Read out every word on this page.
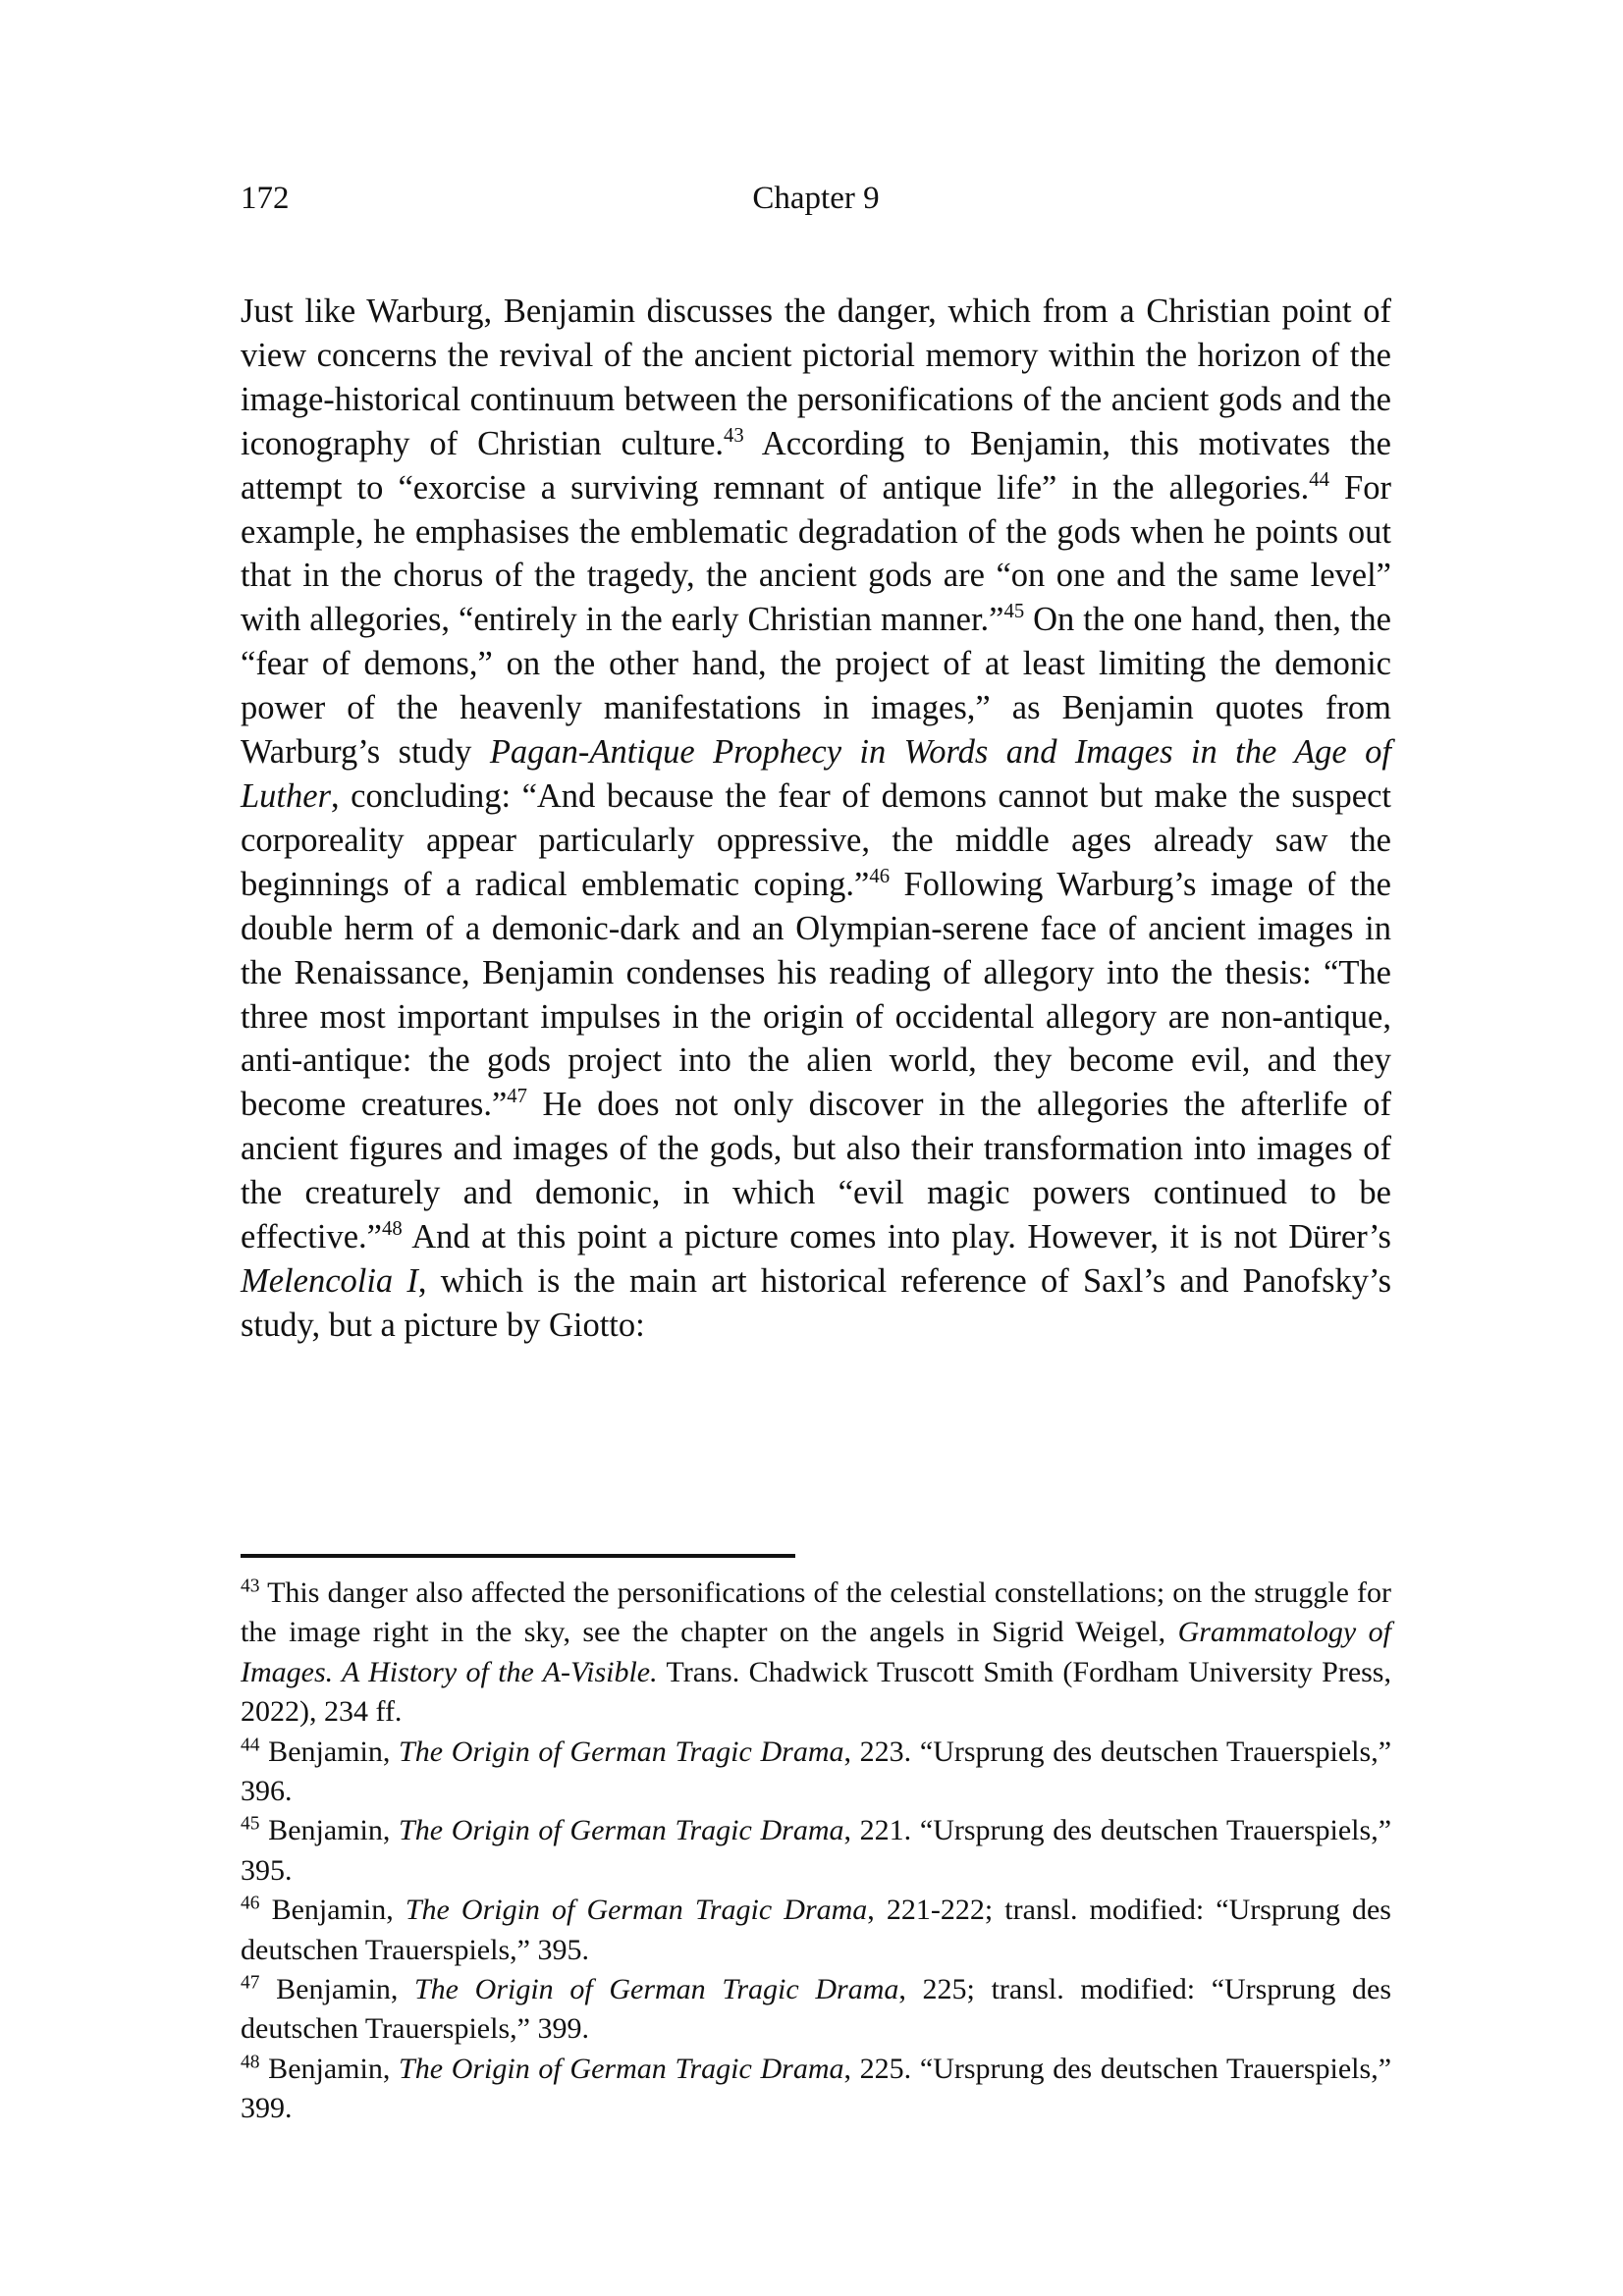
172	Chapter 9

Just like Warburg, Benjamin discusses the danger, which from a Christian point of view concerns the revival of the ancient pictorial memory within the horizon of the image-historical continuum between the personifications of the ancient gods and the iconography of Christian culture.$^{43}$ According to Benjamin, this motivates the attempt to “exorcise a surviving remnant of antique life” in the allegories.$^{44}$ For example, he emphasises the emblematic degradation of the gods when he points out that in the chorus of the tragedy, the ancient gods are “on one and the same level” with allegories, “entirely in the early Christian manner.”$^{45}$ On the one hand, then, the “fear of demons,” on the other hand, the project of at least limiting the demonic power of the heavenly manifestations in images,” as Benjamin quotes from Warburg’s study Pagan-Antique Prophecy in Words and Images in the Age of Luther, concluding: “And because the fear of demons cannot but make the suspect corporeality appear particularly oppressive, the middle ages already saw the beginnings of a radical emblematic coping.”$^{46}$ Following Warburg’s image of the double herm of a demonic-dark and an Olympian-serene face of ancient images in the Renaissance, Benjamin condenses his reading of allegory into the thesis: “The three most important impulses in the origin of occidental allegory are non-antique, anti-antique: the gods project into the alien world, they become evil, and they become creatures.”$^{47}$ He does not only discover in the allegories the afterlife of ancient figures and images of the gods, but also their transformation into images of the creaturely and demonic, in which “evil magic powers continued to be effective.”$^{48}$ And at this point a picture comes into play. However, it is not Dürer’s Melencolia I, which is the main art historical reference of Saxl’s and Panofsky’s study, but a picture by Giotto:

$^{43}$ This danger also affected the personifications of the celestial constellations; on the struggle for the image right in the sky, see the chapter on the angels in Sigrid Weigel, Grammatology of Images. A History of the A-Visible. Trans. Chadwick Truscott Smith (Fordham University Press, 2022), 234 ff.

$^{44}$ Benjamin, The Origin of German Tragic Drama, 223. “Ursprung des deutschen Trauerspiels,” 396.

$^{45}$ Benjamin, The Origin of German Tragic Drama, 221. “Ursprung des deutschen Trauerspiels,” 395.

$^{46}$ Benjamin, The Origin of German Tragic Drama, 221-222; transl. modified: “Ursprung des deutschen Trauerspiels,” 395.

$^{47}$ Benjamin, The Origin of German Tragic Drama, 225; transl. modified: “Ursprung des deutschen Trauerspiels,” 399.

$^{48}$ Benjamin, The Origin of German Tragic Drama, 225. “Ursprung des deutschen Trauerspiels,” 399.
